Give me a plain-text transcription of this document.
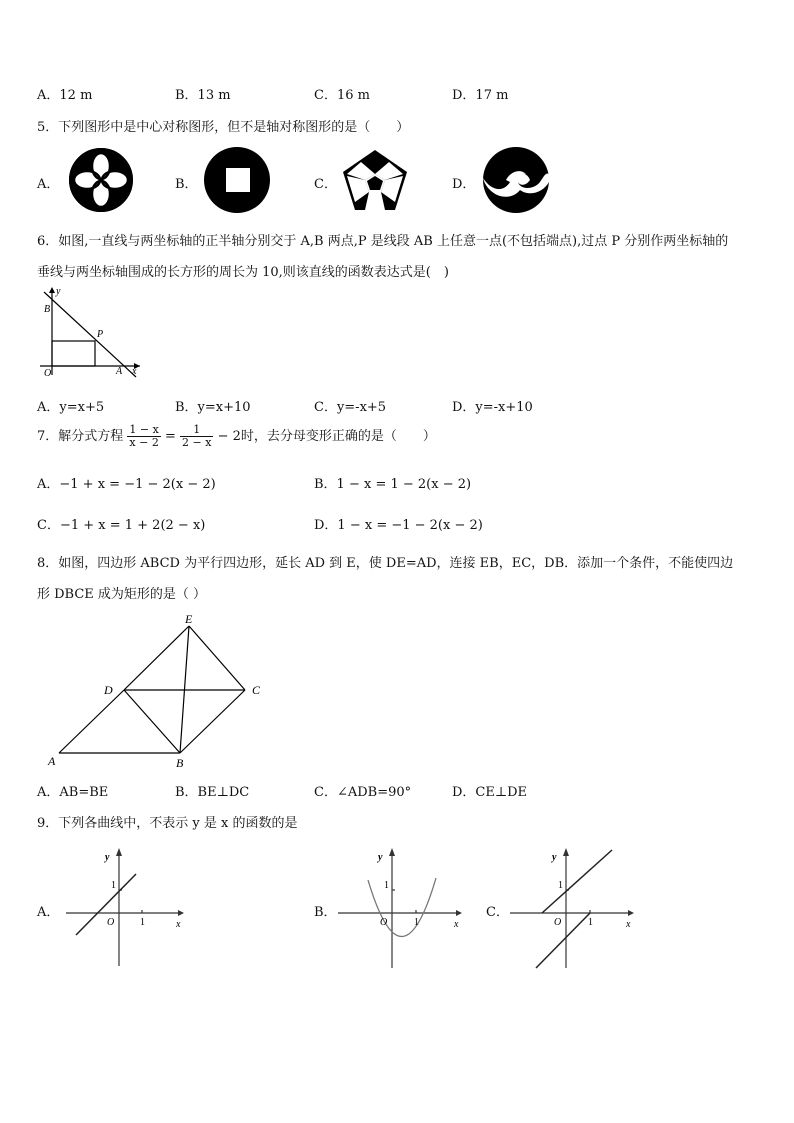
A．12 m	B．13 m	C．16 m	D．17 m
5．下列图形中是中心对称图形，但不是轴对称图形的是（　　）
A．	B．	C．	D．
6．如图,一直线与两坐标轴的正半轴分别交于 A,B 两点,P 是线段 AB 上任意一点(不包括端点),过点 P 分别作两坐标轴的
垂线与两坐标轴围成的长方形的周长为 10,则该直线的函数表达式是(　)
y
B
P
O	A x
A．y=x+5	B．y=x+10	C．y=-x+5	D．y=-x+10
7．解分式方程 $\frac{1 - x}{x - 2} = \frac{1}{2 - x} - 2$时，去分母变形正确的是（　　）
A．−1 + x = −1 − 2(x − 2)	B．1 − x = 1 − 2(x − 2)
C．−1 + x = 1 + 2(2 − x)	D．1 − x = −1 − 2(x − 2)
8．如图，四边形 ABCD 为平行四边形，延长 AD 到 E，使 DE=AD，连接 EB，EC，DB．添加一个条件，不能使四边
形 DBCE 成为矩形的是（ ）
E
D	C
A	B
A．AB=BE	B．BE⊥DC	C．∠ADB=90°	D．CE⊥DE
9．下列各曲线中，不表示 y 是 x 的函数的是
A．
y
1
O	1	x
B．
y
1
O	1	x
C．
y
1
O	1	x
